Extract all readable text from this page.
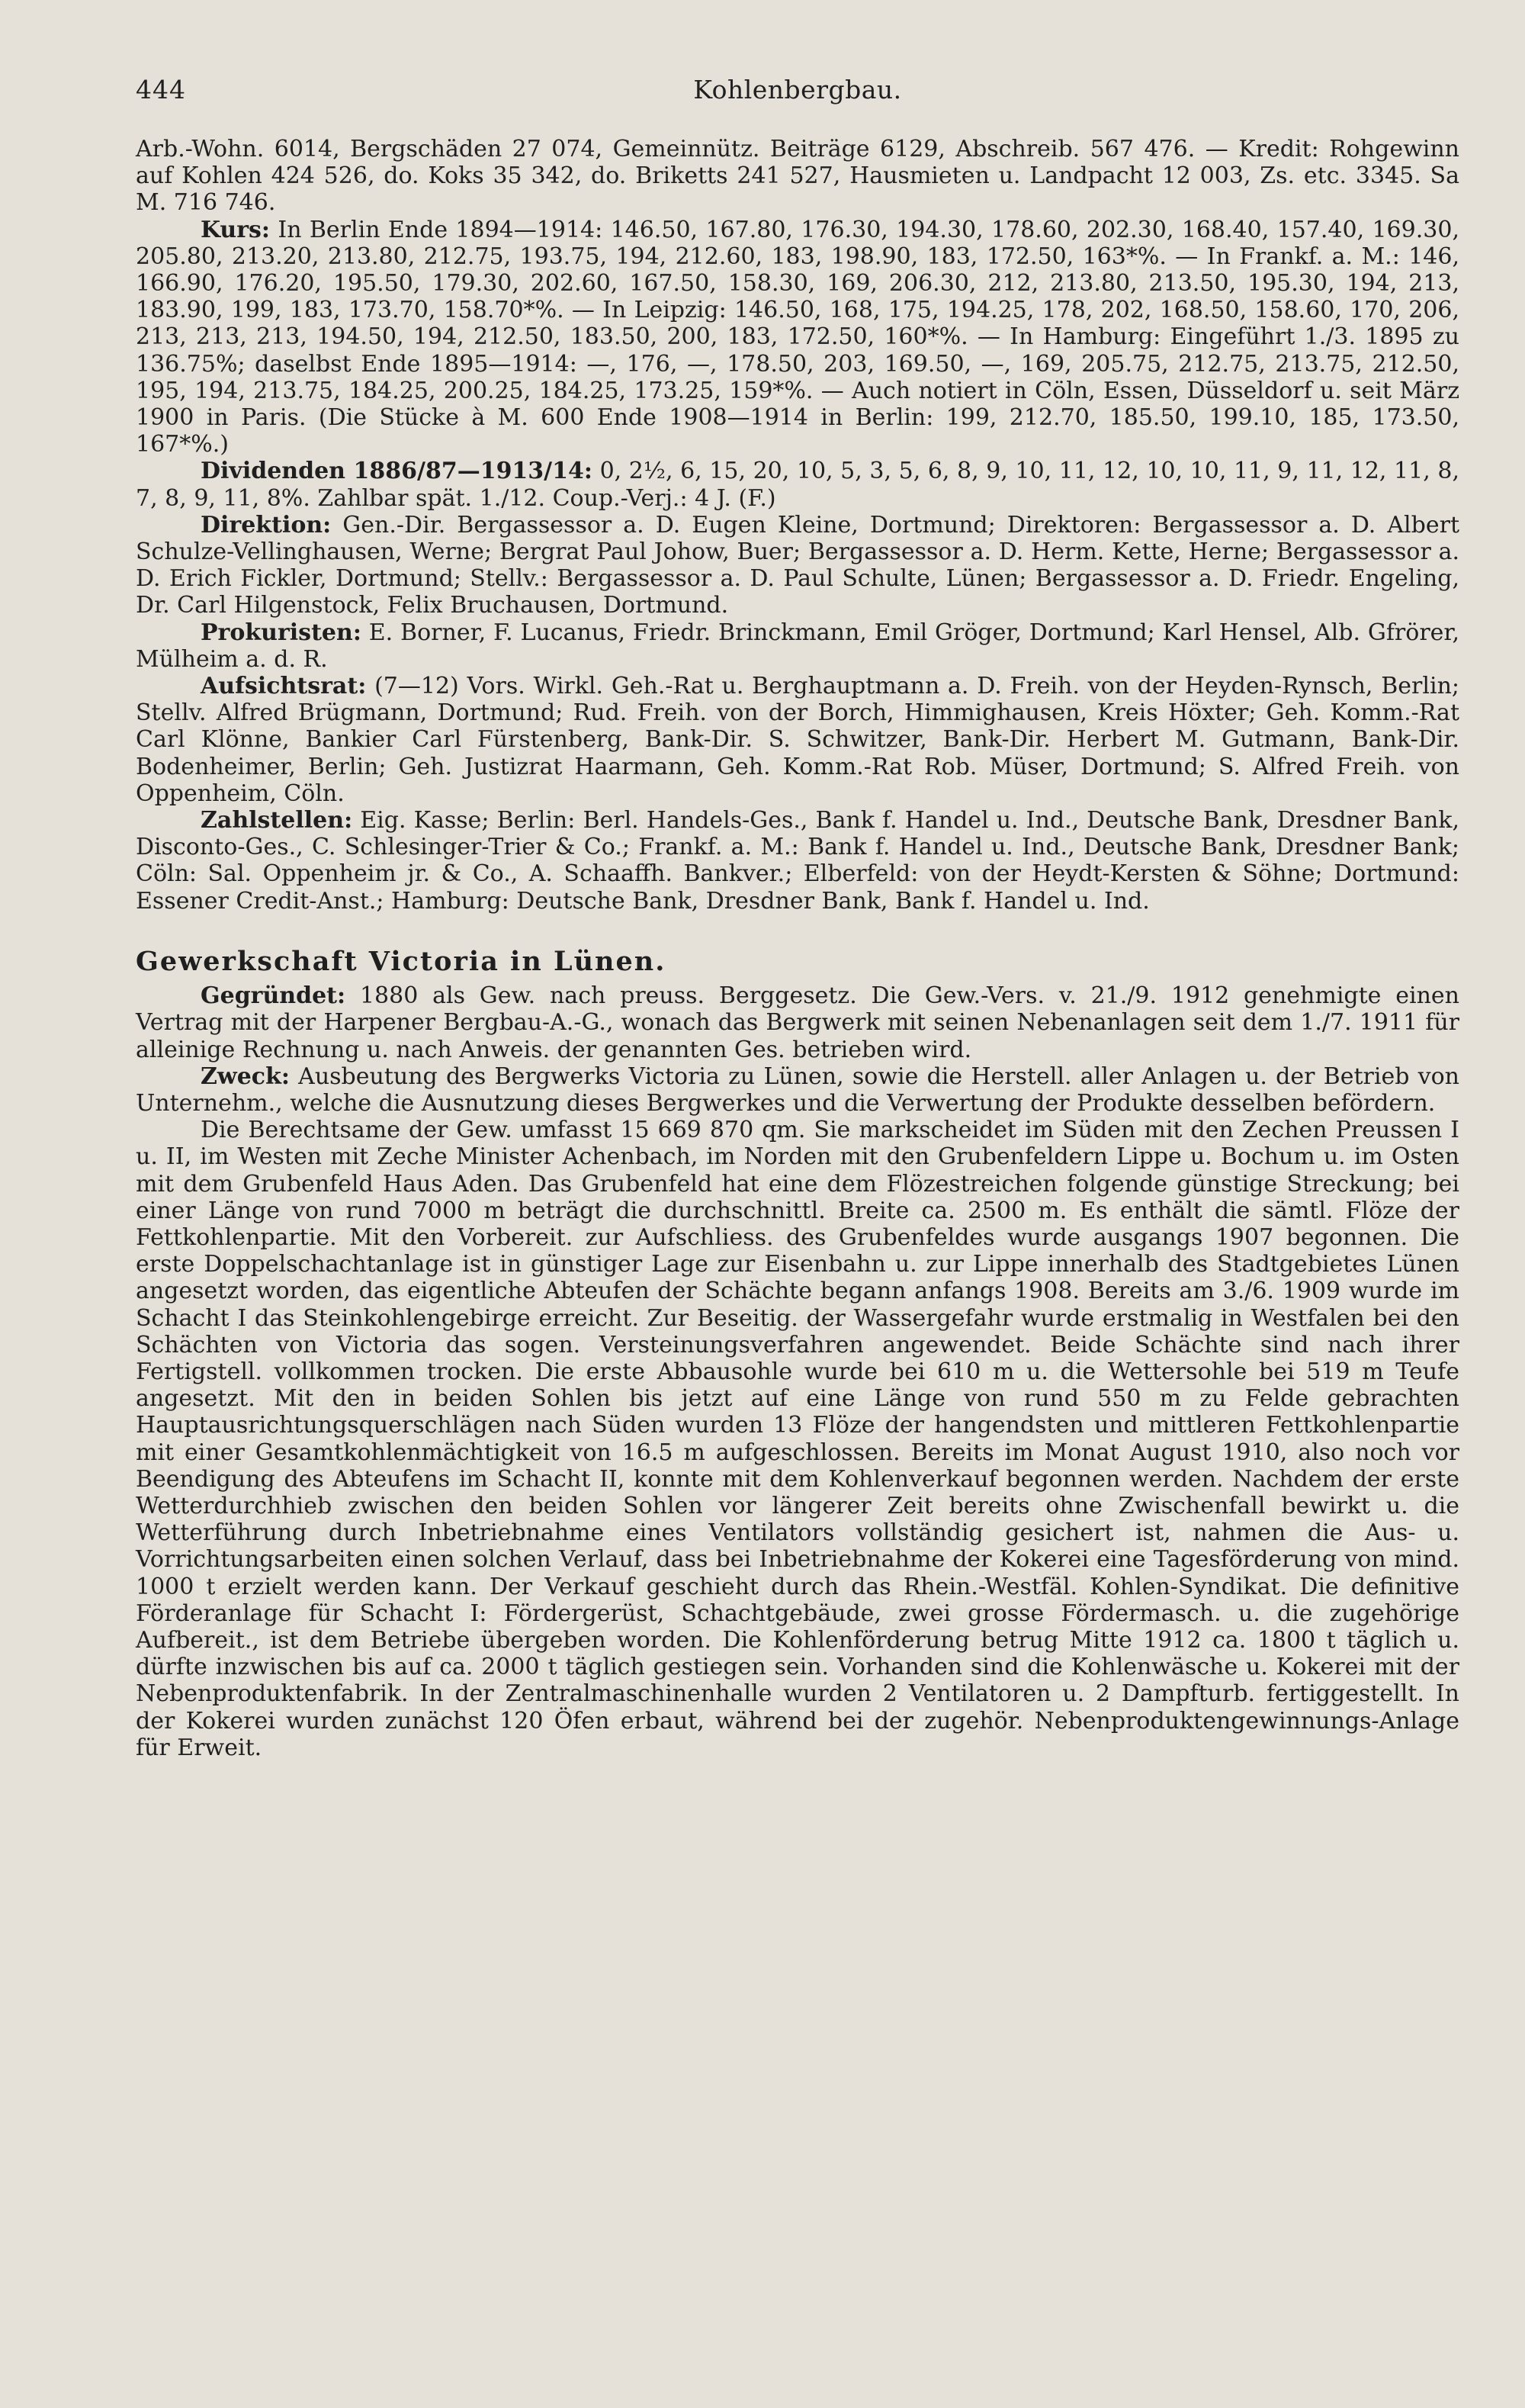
444	Kohlenbergbau.

Arb.-Wohn. 6014, Bergschäden 27 074, Gemeinnütz. Beiträge 6129, Abschreib. 567 476. — Kredit: Rohgewinn auf Kohlen 424 526, do. Koks 35 342, do. Briketts 241 527, Hausmieten u. Landpacht 12 003, Zs. etc. 3345. Sa M. 716 746.

Kurs: In Berlin Ende 1894—1914: 146.50, 167.80, 176.30, 194.30, 178.60, 202.30, 168.40, 157.40, 169.30, 205.80, 213.20, 213.80, 212.75, 193.75, 194, 212.60, 183, 198.90, 183, 172.50, 163*%. — In Frankf. a. M.: 146, 166.90, 176.20, 195.50, 179.30, 202.60, 167.50, 158.30, 169, 206.30, 212, 213.80, 213.50, 195.30, 194, 213, 183.90, 199, 183, 173.70, 158.70*%. — In Leipzig: 146.50, 168, 175, 194.25, 178, 202, 168.50, 158.60, 170, 206, 213, 213, 213, 194.50, 194, 212.50, 183.50, 200, 183, 172.50, 160*%. — In Hamburg: Eingeführt 1./3. 1895 zu 136.75%; daselbst Ende 1895—1914: —, 176, —, 178.50, 203, 169.50, —, 169, 205.75, 212.75, 213.75, 212.50, 195, 194, 213.75, 184.25, 200.25, 184.25, 173.25, 159*%. — Auch notiert in Cöln, Essen, Düsseldorf u. seit März 1900 in Paris. (Die Stücke à M. 600 Ende 1908—1914 in Berlin: 199, 212.70, 185.50, 199.10, 185, 173.50, 167*%.)

Dividenden 1886/87—1913/14: 0, 2½, 6, 15, 20, 10, 5, 3, 5, 6, 8, 9, 10, 11, 12, 10, 10, 11, 9, 11, 12, 11, 8, 7, 8, 9, 11, 8%. Zahlbar spät. 1./12. Coup.-Verj.: 4 J. (F.)

Direktion: Gen.-Dir. Bergassessor a. D. Eugen Kleine, Dortmund; Direktoren: Bergassessor a. D. Albert Schulze-Vellinghausen, Werne; Bergrat Paul Johow, Buer; Bergassessor a. D. Herm. Kette, Herne; Bergassessor a. D. Erich Fickler, Dortmund; Stellv.: Bergassessor a. D. Paul Schulte, Lünen; Bergassessor a. D. Friedr. Engeling, Dr. Carl Hilgenstock, Felix Bruchausen, Dortmund.

Prokuristen: E. Borner, F. Lucanus, Friedr. Brinckmann, Emil Gröger, Dortmund; Karl Hensel, Alb. Gfrörer, Mülheim a. d. R.

Aufsichtsrat: (7—12) Vors. Wirkl. Geh.-Rat u. Berghauptmann a. D. Freih. von der Heyden-Rynsch, Berlin; Stellv. Alfred Brügmann, Dortmund; Rud. Freih. von der Borch, Himmighausen, Kreis Höxter; Geh. Komm.-Rat Carl Klönne, Bankier Carl Fürstenberg, Bank-Dir. S. Schwitzer, Bank-Dir. Herbert M. Gutmann, Bank-Dir. Bodenheimer, Berlin; Geh. Justizrat Haarmann, Geh. Komm.-Rat Rob. Müser, Dortmund; S. Alfred Freih. von Oppenheim, Cöln.

Zahlstellen: Eig. Kasse; Berlin: Berl. Handels-Ges., Bank f. Handel u. Ind., Deutsche Bank, Dresdner Bank, Disconto-Ges., C. Schlesinger-Trier & Co.; Frankf. a. M.: Bank f. Handel u. Ind., Deutsche Bank, Dresdner Bank; Cöln: Sal. Oppenheim jr. & Co., A. Schaaffh. Bankver.; Elberfeld: von der Heydt-Kersten & Söhne; Dortmund: Essener Credit-Anst.; Hamburg: Deutsche Bank, Dresdner Bank, Bank f. Handel u. Ind.

Gewerkschaft Victoria in Lünen.

Gegründet: 1880 als Gew. nach preuss. Berggesetz. Die Gew.-Vers. v. 21./9. 1912 genehmigte einen Vertrag mit der Harpener Bergbau-A.-G., wonach das Bergwerk mit seinen Nebenanlagen seit dem 1./7. 1911 für alleinige Rechnung u. nach Anweis. der genannten Ges. betrieben wird.

Zweck: Ausbeutung des Bergwerks Victoria zu Lünen, sowie die Herstell. aller Anlagen u. der Betrieb von Unternehm., welche die Ausnutzung dieses Bergwerkes und die Verwertung der Produkte desselben befördern.

Die Berechtsame der Gew. umfasst 15 669 870 qm. Sie markscheidet im Süden mit den Zechen Preussen I u. II, im Westen mit Zeche Minister Achenbach, im Norden mit den Grubenfeldern Lippe u. Bochum u. im Osten mit dem Grubenfeld Haus Aden. Das Grubenfeld hat eine dem Flözestreichen folgende günstige Streckung; bei einer Länge von rund 7000 m beträgt die durchschnittl. Breite ca. 2500 m. Es enthält die sämtl. Flöze der Fettkohlenpartie. Mit den Vorbereit. zur Aufschliess. des Grubenfeldes wurde ausgangs 1907 begonnen. Die erste Doppelschachtanlage ist in günstiger Lage zur Eisenbahn u. zur Lippe innerhalb des Stadtgebietes Lünen angesetzt worden, das eigentliche Abteufen der Schächte begann anfangs 1908. Bereits am 3./6. 1909 wurde im Schacht I das Steinkohlengebirge erreicht. Zur Beseitig. der Wassergefahr wurde erstmalig in Westfalen bei den Schächten von Victoria das sogen. Versteinungsverfahren angewendet. Beide Schächte sind nach ihrer Fertigstell. vollkommen trocken. Die erste Abbausohle wurde bei 610 m u. die Wettersohle bei 519 m Teufe angesetzt. Mit den in beiden Sohlen bis jetzt auf eine Länge von rund 550 m zu Felde gebrachten Hauptausrichtungsquerschlägen nach Süden wurden 13 Flöze der hangendsten und mittleren Fettkohlenpartie mit einer Gesamtkohlenmächtigkeit von 16.5 m aufgeschlossen. Bereits im Monat August 1910, also noch vor Beendigung des Abteufens im Schacht II, konnte mit dem Kohlenverkauf begonnen werden. Nachdem der erste Wetterdurchhieb zwischen den beiden Sohlen vor längerer Zeit bereits ohne Zwischenfall bewirkt u. die Wetterführung durch Inbetriebnahme eines Ventilators vollständig gesichert ist, nahmen die Aus- u. Vorrichtungsarbeiten einen solchen Verlauf, dass bei Inbetriebnahme der Kokerei eine Tagesförderung von mind. 1000 t erzielt werden kann. Der Verkauf geschieht durch das Rhein.-Westfäl. Kohlen-Syndikat. Die definitive Förderanlage für Schacht I: Fördergerüst, Schachtgebäude, zwei grosse Fördermasch. u. die zugehörige Aufbereit., ist dem Betriebe übergeben worden. Die Kohlenförderung betrug Mitte 1912 ca. 1800 t täglich u. dürfte inzwischen bis auf ca. 2000 t täglich gestiegen sein. Vorhanden sind die Kohlenwäsche u. Kokerei mit der Nebenproduktenfabrik. In der Zentralmaschinenhalle wurden 2 Ventilatoren u. 2 Dampfturb. fertiggestellt. In der Kokerei wurden zunächst 120 Öfen erbaut, während bei der zugehör. Nebenproduktengewinnungs-Anlage für Erweit.
